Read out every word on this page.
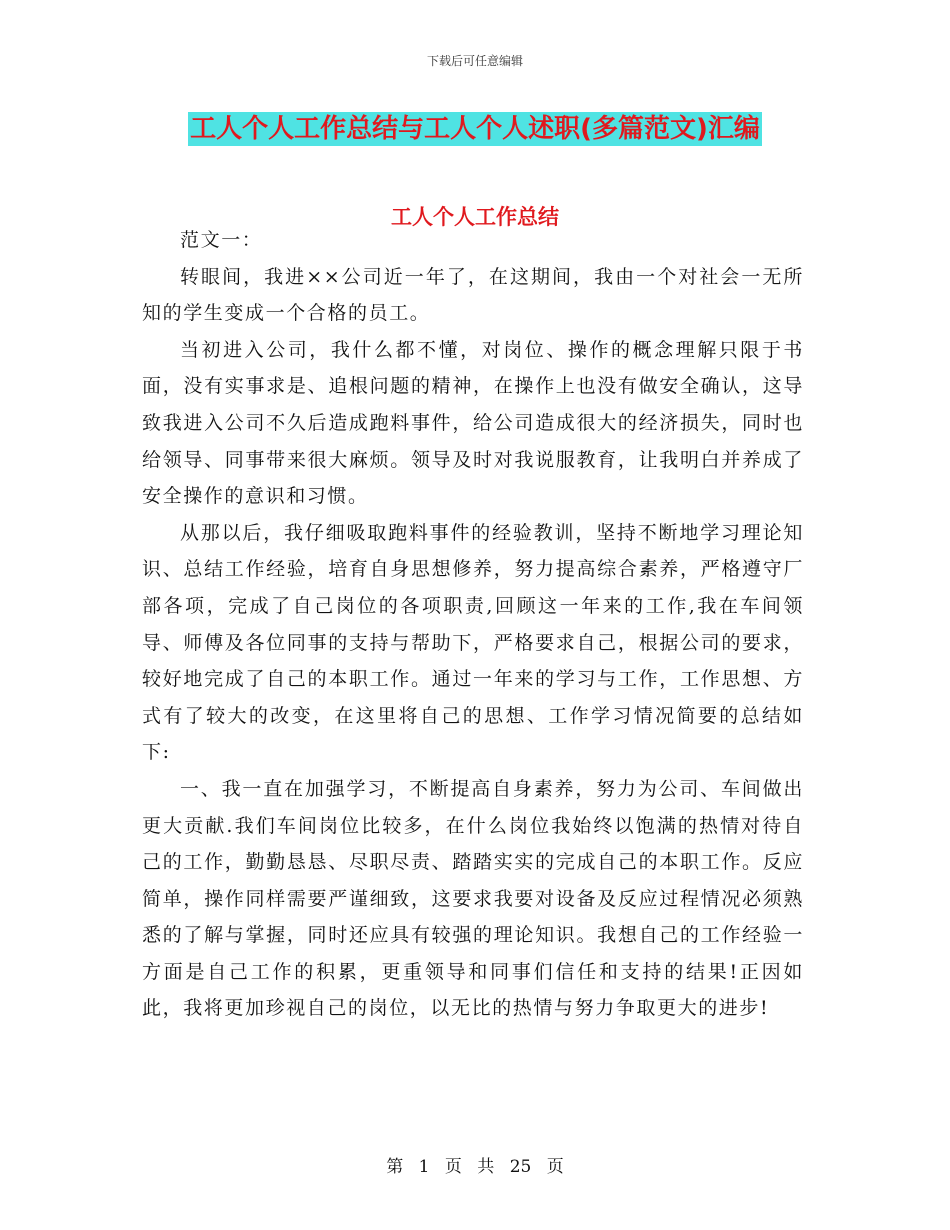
下载后可任意编辑
工人个人工作总结与工人个人述职(多篇范文)汇编
工人个人工作总结

范文一：

转眼间，我进××公司近一年了，在这期间，我由一个对社会一无所知的学生变成一个合格的员工。

当初进入公司，我什么都不懂，对岗位、操作的概念理解只限于书面，没有实事求是、追根问题的精神，在操作上也没有做安全确认，这导致我进入公司不久后造成跑料事件，给公司造成很大的经济损失，同时也给领导、同事带来很大麻烦。领导及时对我说服教育，让我明白并养成了安全操作的意识和习惯。

从那以后，我仔细吸取跑料事件的经验教训，坚持不断地学习理论知识、总结工作经验，培育自身思想修养，努力提高综合素养，严格遵守厂部各项，完成了自己岗位的各项职责,回顾这一年来的工作,我在车间领导、师傅及各位同事的支持与帮助下，严格要求自己，根据公司的要求，较好地完成了自己的本职工作。通过一年来的学习与工作，工作思想、方式有了较大的改变，在这里将自己的思想、工作学习情况简要的总结如下:

一、我一直在加强学习，不断提高自身素养，努力为公司、车间做出更大贡献.我们车间岗位比较多，在什么岗位我始终以饱满的热情对待自己的工作，勤勤恳恳、尽职尽责、踏踏实实的完成自己的本职工作。反应简单，操作同样需要严谨细致，这要求我要对设备及反应过程情况必须熟悉的了解与掌握，同时还应具有较强的理论知识。我想自己的工作经验一方面是自己工作的积累，更重领导和同事们信任和支持的结果!正因如此，我将更加珍视自己的岗位，以无比的热情与努力争取更大的进步!

第 1 页 共 25 页
